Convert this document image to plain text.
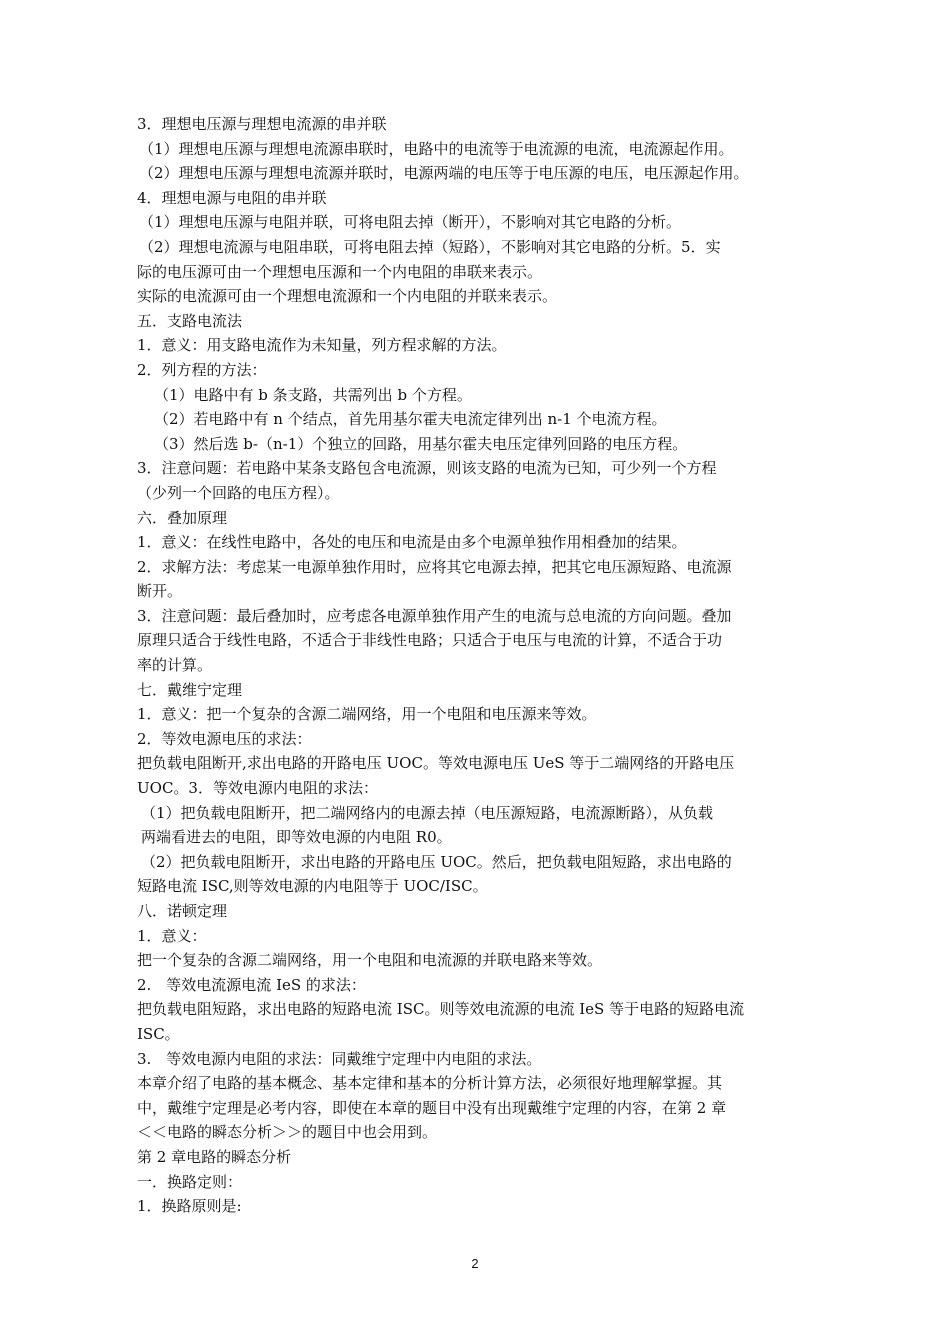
3．理想电压源与理想电流源的串并联
（1）理想电压源与理想电流源串联时，电路中的电流等于电流源的电流，电流源起作用。
（2）理想电压源与理想电流源并联时，电源两端的电压等于电压源的电压，电压源起作用。
4．理想电源与电阻的串并联
（1）理想电压源与电阻并联，可将电阻去掉（断开），不影响对其它电路的分析。
（2）理想电流源与电阻串联，可将电阻去掉（短路），不影响对其它电路的分析。5．实
际的电压源可由一个理想电压源和一个内电阻的串联来表示。
实际的电流源可由一个理想电流源和一个内电阻的并联来表示。
五．支路电流法
1．意义：用支路电流作为未知量，列方程求解的方法。
2．列方程的方法：
（1）电路中有 b 条支路，共需列出 b 个方程。
（2）若电路中有 n 个结点，首先用基尔霍夫电流定律列出 n-1 个电流方程。
（3）然后选 b-（n-1）个独立的回路，用基尔霍夫电压定律列回路的电压方程。
3．注意问题：若电路中某条支路包含电流源，则该支路的电流为已知，可少列一个方程
（少列一个回路的电压方程）。
六．叠加原理
1．意义：在线性电路中，各处的电压和电流是由多个电源单独作用相叠加的结果。
2．求解方法：考虑某一电源单独作用时，应将其它电源去掉，把其它电压源短路、电流源
断开。
3．注意问题：最后叠加时，应考虑各电源单独作用产生的电流与总电流的方向问题。叠加
原理只适合于线性电路，不适合于非线性电路；只适合于电压与电流的计算，不适合于功
率的计算。
七．戴维宁定理
1．意义：把一个复杂的含源二端网络，用一个电阻和电压源来等效。
2．等效电源电压的求法：
把负载电阻断开,求出电路的开路电压 UOC。等效电源电压 UeS 等于二端网络的开路电压
UOC。3．等效电源内电阻的求法：
（1）把负载电阻断开，把二端网络内的电源去掉（电压源短路，电流源断路），从负载
两端看进去的电阻，即等效电源的内电阻 R0。
（2）把负载电阻断开，求出电路的开路电压 UOC。然后，把负载电阻短路，求出电路的
短路电流 ISC,则等效电源的内电阻等于 UOC/ISC。
八．诺顿定理
1．意义：
把一个复杂的含源二端网络，用一个电阻和电流源的并联电路来等效。
2.　等效电流源电流 IeS 的求法：
把负载电阻短路，求出电路的短路电流 ISC。则等效电流源的电流 IeS 等于电路的短路电流
ISC。
3.　等效电源内电阻的求法：同戴维宁定理中内电阻的求法。
本章介绍了电路的基本概念、基本定律和基本的分析计算方法，必须很好地理解掌握。其
中，戴维宁定理是必考内容，即使在本章的题目中没有出现戴维宁定理的内容，在第 2 章
＜＜电路的瞬态分析＞＞的题目中也会用到。
第 2 章电路的瞬态分析
一．换路定则：
1．换路原则是:
2
